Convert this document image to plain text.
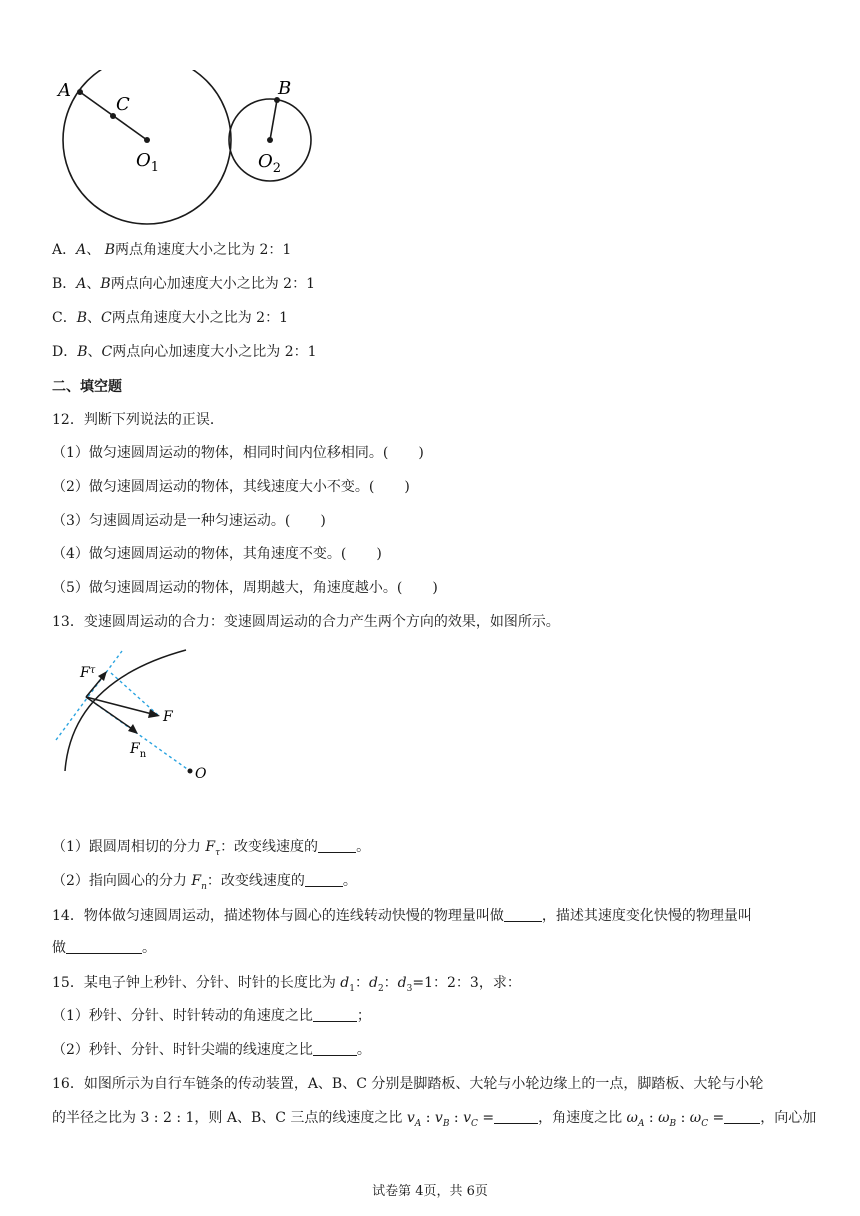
A
C
$O_1$
B
$O_2$
A．A、 B两点角速度大小之比为 2：1
B．A、B两点向心加速度大小之比为 2：1
C．B、C两点角速度大小之比为 2：1
D．B、C两点向心加速度大小之比为 2：1
二、填空题
12．判断下列说法的正误．
（1）做匀速圆周运动的物体，相同时间内位移相同。( )
（2）做匀速圆周运动的物体，其线速度大小不变。( )
（3）匀速圆周运动是一种匀速运动。( )
（4）做匀速圆周运动的物体，其角速度不变。( )
（5）做匀速圆周运动的物体，周期越大，角速度越小。( )
13．变速圆周运动的合力：变速圆周运动的合力产生两个方向的效果，如图所示。
$F^\tau$
F
$F_n$
O
（1）跟圆周相切的分力 $F_\tau$：改变线速度的	。
（2）指向圆心的分力 $F_n$：改变线速度的	。
14．物体做匀速圆周运动，描述物体与圆心的连线转动快慢的物理量叫做	，描述其速度变化快慢的物理量叫
做	。
15．某电子钟上秒针、分针、时针的长度比为 $d_1$：$d_2$：$d_3=1$：2：3，求：
（1）秒针、分针、时针转动的角速度之比	；
（2）秒针、分针、时针尖端的线速度之比	。
16．如图所示为自行车链条的传动装置，A、B、C 分别是脚踏板、大轮与小轮边缘上的一点，脚踏板、大轮与小轮
的半径之比为 3 : 2 : 1，则 A、B、C 三点的线速度之比 $v_A$ : $v_B$ : $v_C$ =	，角速度之比 $\omega_A$ : $\omega_B$ : $\omega_C$ =	，向心加
试卷第 4页，共 6页
